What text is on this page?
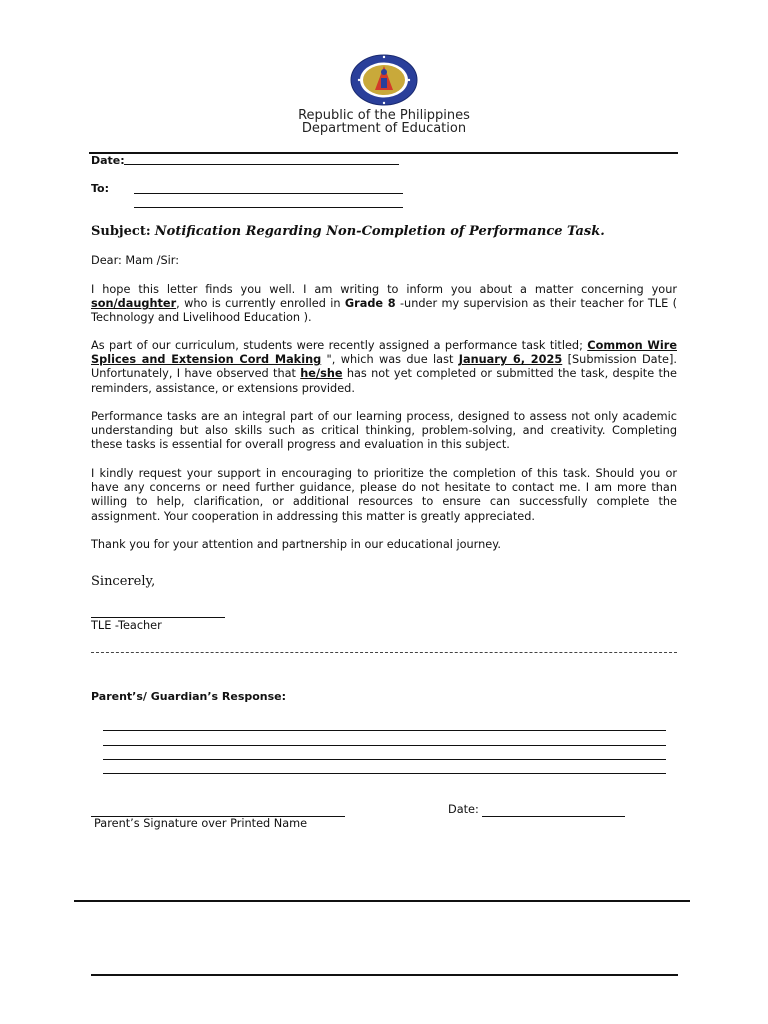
Republic of the Philippines
Department of Education
Date:
To:
Subject: Notification Regarding Non-Completion of Performance Task.
Dear: Mam /Sir:
I hope this letter finds you well. I am writing to inform you about a matter concerning your son/daughter, who is currently enrolled in Grade 8 -under my supervision as their teacher for TLE ( Technology and Livelihood Education ).
As part of our curriculum, students were recently assigned a performance task titled; Common Wire Splices and Extension Cord Making ", which was due last January 6, 2025 [Submission Date]. Unfortunately, I have observed that he/she has not yet completed or submitted the task, despite the reminders, assistance, or extensions provided.
Performance tasks are an integral part of our learning process, designed to assess not only academic understanding but also skills such as critical thinking, problem-solving, and creativity. Completing these tasks is essential for overall progress and evaluation in this subject.
I kindly request your support in encouraging to prioritize the completion of this task. Should you or have any concerns or need further guidance, please do not hesitate to contact me. I am more than willing to help, clarification, or additional resources to ensure can successfully complete the assignment. Your cooperation in addressing this matter is greatly appreciated.
Thank you for your attention and partnership in our educational journey.
Sincerely,
TLE -Teacher
Parent’s/ Guardian’s Response:
Date:
Parent’s Signature over Printed Name
